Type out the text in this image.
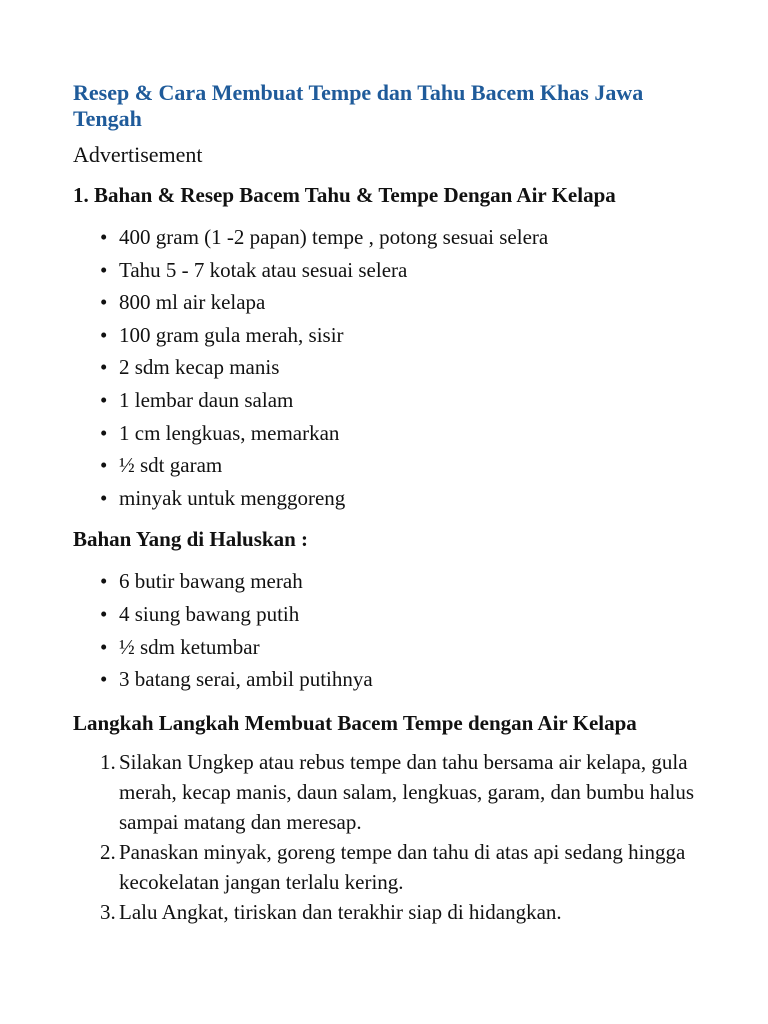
Resep & Cara Membuat Tempe dan Tahu Bacem Khas Jawa Tengah
Advertisement
1. Bahan & Resep Bacem Tahu & Tempe Dengan Air Kelapa
• 400 gram (1 -2 papan) tempe , potong sesuai selera
• Tahu 5 - 7 kotak atau sesuai selera
• 800 ml air kelapa
• 100 gram gula merah, sisir
• 2 sdm kecap manis
• 1 lembar daun salam
• 1 cm lengkuas, memarkan
• ½ sdt garam
• minyak untuk menggoreng
Bahan Yang di Haluskan :
• 6 butir bawang merah
• 4 siung bawang putih
• ½ sdm ketumbar
• 3 batang serai, ambil putihnya
Langkah Langkah Membuat Bacem Tempe dengan Air Kelapa
1. Silakan Ungkep atau rebus tempe dan tahu bersama air kelapa, gula merah, kecap manis, daun salam, lengkuas, garam, dan bumbu halus sampai matang dan meresap.
2. Panaskan minyak, goreng tempe dan tahu di atas api sedang hingga kecokelatan jangan terlalu kering.
3. Lalu Angkat, tiriskan dan terakhir siap di hidangkan.
